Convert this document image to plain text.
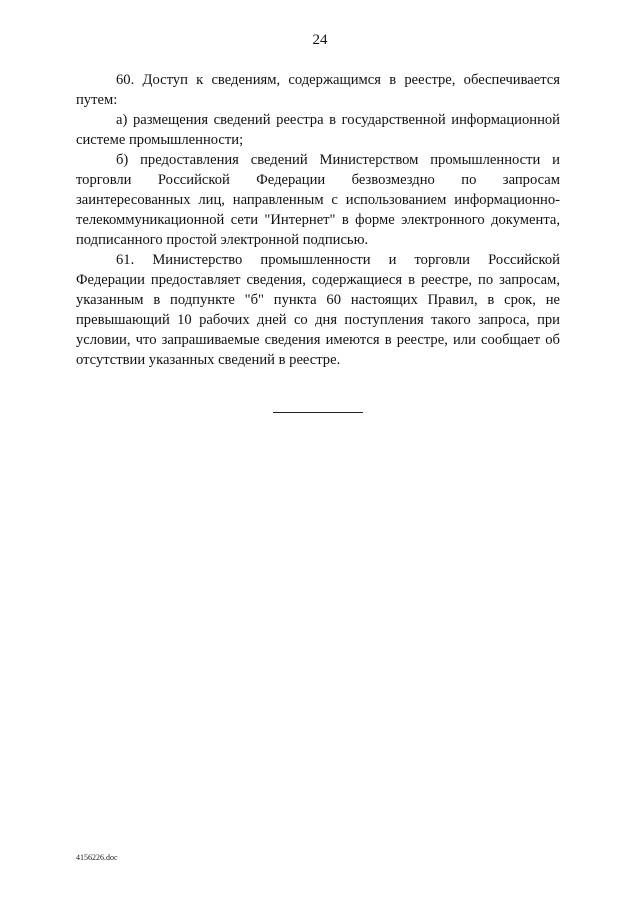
24

60. Доступ к сведениям, содержащимся в реестре, обеспечивается путем:

а) размещения сведений реестра в государственной информационной системе промышленности;

б) предоставления сведений Министерством промышленности и торговли Российской Федерации безвозмездно по запросам заинтересованных лиц, направленным с использованием информационно-телекоммуникационной сети "Интернет" в форме электронного документа, подписанного простой электронной подписью.

61. Министерство промышленности и торговли Российской Федерации предоставляет сведения, содержащиеся в реестре, по запросам, указанным в подпункте "б" пункта 60 настоящих Правил, в срок, не превышающий 10 рабочих дней со дня поступления такого запроса, при условии, что запрашиваемые сведения имеются в реестре, или сообщает об отсутствии указанных сведений в реестре.

4156226.doc
